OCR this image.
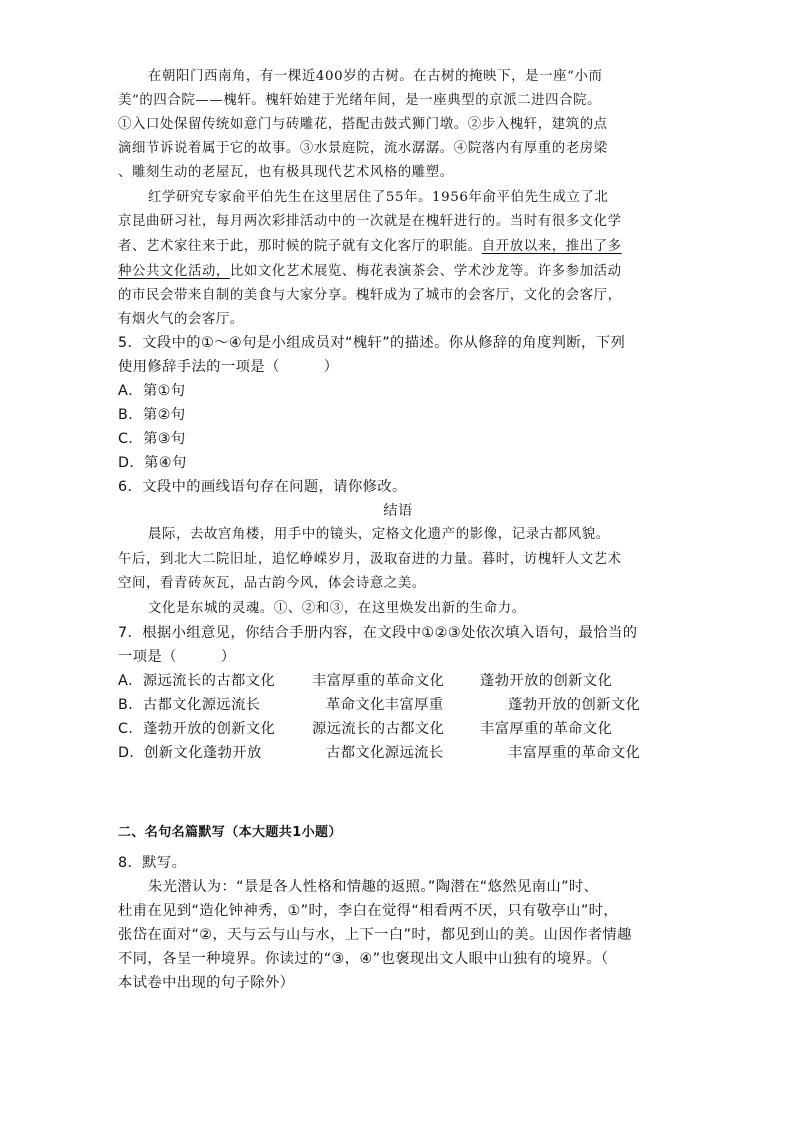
在朝阳门西南角，有一棵近400岁的古树。在古树的掩映下，是一座“小而
美”的四合院——槐轩。槐轩始建于光绪年间，是一座典型的京派二进四合院。
①入口处保留传统如意门与砖雕花，搭配击鼓式狮门墩。②步入槐轩，建筑的点
滴细节诉说着属于它的故事。③水景庭院，流水潺潺。④院落内有厚重的老房梁
、雕刻生动的老屋瓦，也有极具现代艺术风格的雕塑。
红学研究专家俞平伯先生在这里居住了55年。1956年俞平伯先生成立了北
京昆曲研习社，每月两次彩排活动中的一次就是在槐轩进行的。当时有很多文化学
者、艺术家往来于此，那时候的院子就有文化客厅的职能。自开放以来，推出了多
种公共文化活动，比如文化艺术展览、梅花表演茶会、学术沙龙等。许多参加活动
的市民会带来自制的美食与大家分享。槐轩成为了城市的会客厅，文化的会客厅，
有烟火气的会客厅。
5．文段中的①～④句是小组成员对“槐轩”的描述。你从修辞的角度判断，下列
使用修辞手法的一项是（　　　）
A．第①句
B．第②句
C．第③句
D．第④句
6．文段中的画线语句存在问题，请你修改。
结语
晨际，去故宫角楼，用手中的镜头，定格文化遗产的影像，记录古都风貌。
午后，到北大二院旧址，追忆峥嵘岁月，汲取奋进的力量。暮时，访槐轩人文艺术
空间，看青砖灰瓦，品古韵今风，体会诗意之美。
文化是东城的灵魂。①、②和③，在这里焕发出新的生命力。
7．根据小组意见，你结合手册内容，在文段中①②③处依次填入语句，最恰当的
一项是（　　　）
A．源远流长的古都文化	丰富厚重的革命文化 蓬勃开放的创新文化
B．古都文化源远流长	革命文化丰富厚重	蓬勃开放的创新文化
C．蓬勃开放的创新文化	源远流长的古都文化 丰富厚重的革命文化
D．创新文化蓬勃开放	古都文化源远流长	丰富厚重的革命文化
二、名句名篇默写（本大题共1小题）
8．默写。
朱光潜认为：“景是各人性格和情趣的返照。”陶潜在“悠然见南山”时、
杜甫在见到“造化钟神秀，①”时，李白在觉得“相看两不厌，只有敬亭山”时，
张岱在面对“②，天与云与山与水，上下一白”时，都见到山的美。山因作者情趣
不同，各呈一种境界。你读过的“③，④”也褒现出文人眼中山独有的境界。（
本试卷中出现的句子除外）
